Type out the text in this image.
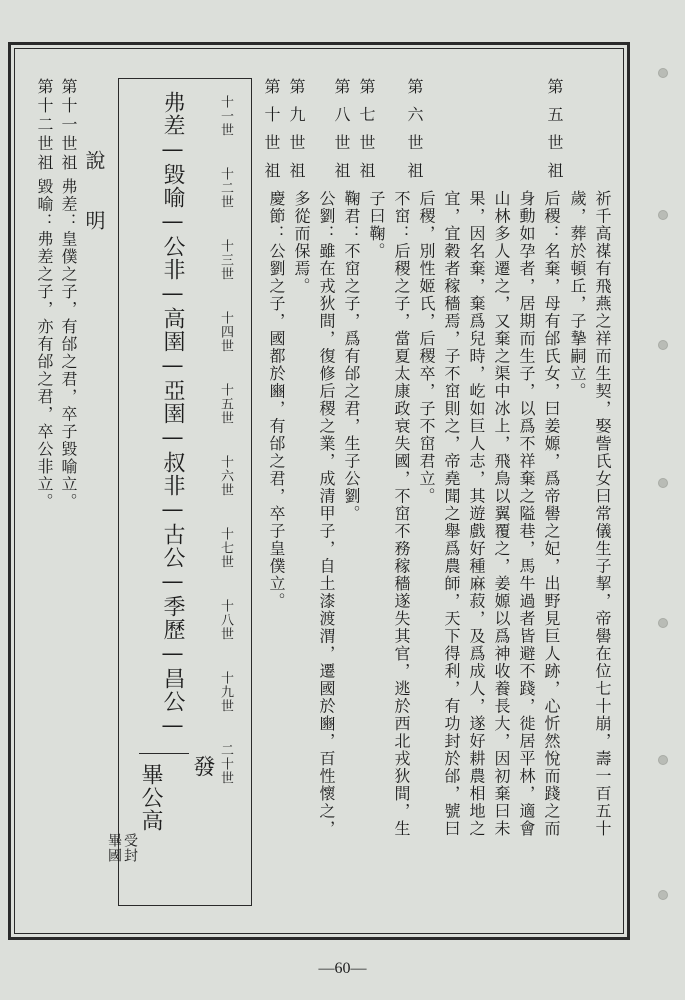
第五世祖
祈千高禖有飛燕之祥而生契，娶訾氏女曰常儀生子挈，帝嚳在位七十崩，壽一百五十
歲，葬於頓丘，子摯嗣立。
第六世祖
后稷：名棄，母有邰氏女，曰姜嫄，爲帝嚳之妃，出野見巨人跡，心忻然悅而踐之而
身動如孕者，居期而生子，以爲不祥棄之隘巷，馬牛過者皆避不踐，徙居平林，適會
山林多人遷之，又棄之渠中冰上，飛鳥以翼覆之，姜嫄以爲神收養長大，因初棄曰未
果，因名棄，棄爲兒時，屹如巨人志，其遊戲好種麻菽，及爲成人，遂好耕農相地之
宜，宜穀者稼穡焉，子不窋則之，帝堯聞之舉爲農師，天下得利，有功封於邰，號曰
后稷，別性姬氏，后稷卒，子不窋君立。
第七世祖
不窋：后稷之子，當夏太康政衰失國，不窋不務稼穡遂失其官，逃於西北戎狄間，生
子曰鞠。
第八世祖
鞠君：不窋之子，爲有邰之君，生子公劉。
第九世祖
公劉：雖在戎狄間，復修后稷之業，成清甲子，自土漆渡渭，遷國於豳，百性懷之，
多從而保焉。
第十世祖
慶節：公劉之子，國都於豳，有邰之君，卒子皇僕立。
十一世
十二世
十三世
十四世
十五世
十六世
十七世
十八世
十九世
二十世
弗差—毀喻—公非—高圉—亞圉—叔非—古公—季歷—昌公—
發
畢公高
受封
畢國
說明
第十一世祖
弗差：皇僕之子，有邰之君，卒子毀喻立。
第十二世祖
毀喻：弗差之子，亦有邰之君，卒公非立。
—60—
